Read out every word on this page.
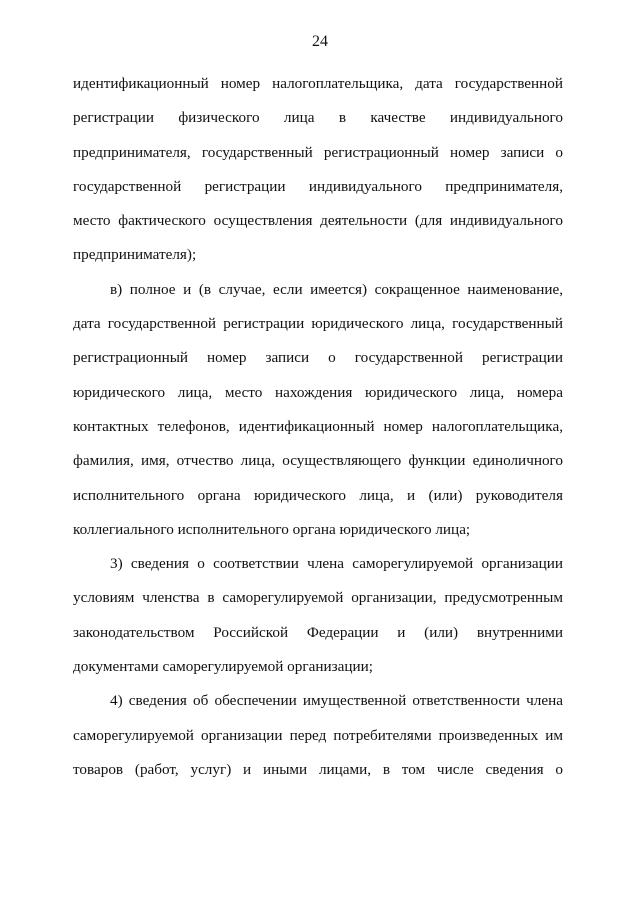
24
идентификационный номер налогоплательщика, дата государственной
регистрации физического лица в качестве индивидуального
предпринимателя, государственный регистрационный номер записи о
государственной регистрации индивидуального предпринимателя,
место фактического осуществления деятельности (для индивидуального
предпринимателя);
в) полное и (в случае, если имеется) сокращенное наименование,
дата государственной регистрации юридического лица, государственный
регистрационный номер записи о государственной регистрации
юридического лица, место нахождения юридического лица, номера
контактных телефонов, идентификационный номер налогоплательщика,
фамилия, имя, отчество лица, осуществляющего функции единоличного
исполнительного органа юридического лица, и (или) руководителя
коллегиального исполнительного органа юридического лица;
3) сведения о соответствии члена саморегулируемой организации
условиям членства в саморегулируемой организации, предусмотренным
законодательством Российской Федерации и (или) внутренними
документами саморегулируемой организации;
4) сведения об обеспечении имущественной ответственности члена
саморегулируемой организации перед потребителями произведенных им
товаров (работ, услуг) и иными лицами, в том числе сведения о
